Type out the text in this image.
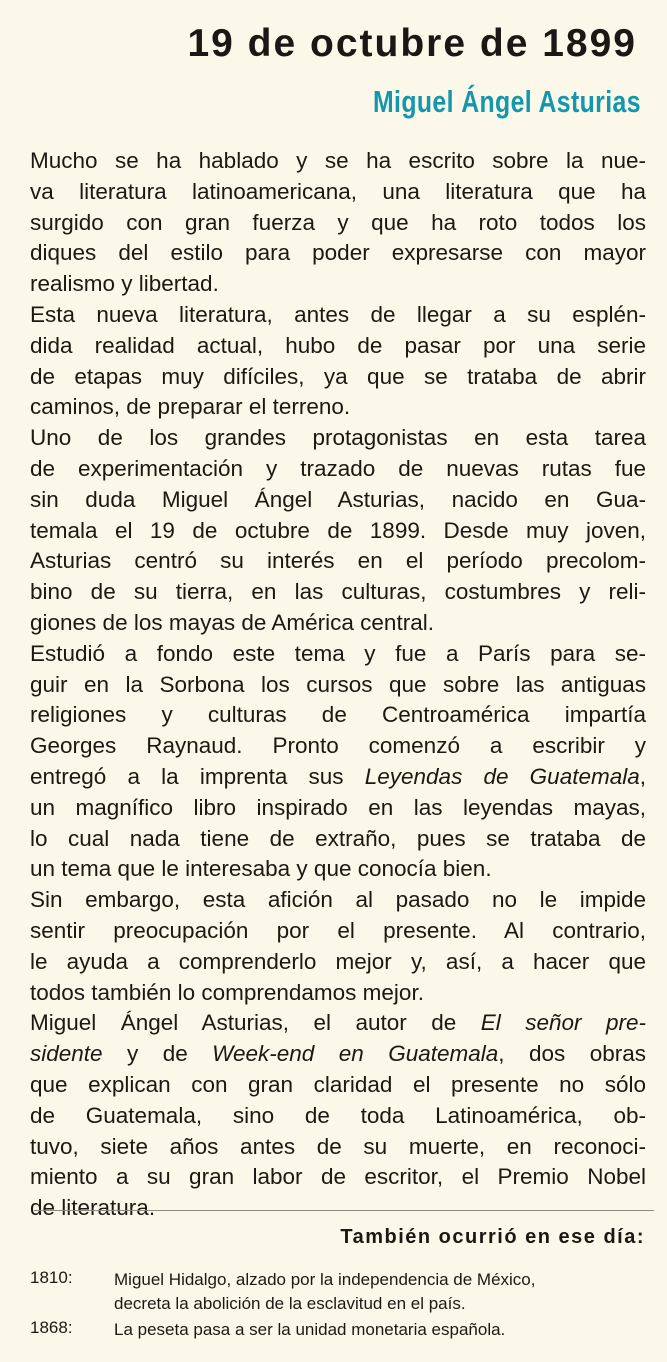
19 de octubre de 1899
Miguel Ángel Asturias
Mucho se ha hablado y se ha escrito sobre la nue-
va literatura latinoamericana, una literatura que ha
surgido con gran fuerza y que ha roto todos los
diques del estilo para poder expresarse con mayor
realismo y libertad.
Esta nueva literatura, antes de llegar a su esplén-
dida realidad actual, hubo de pasar por una serie
de etapas muy difíciles, ya que se trataba de abrir
caminos, de preparar el terreno.
Uno de los grandes protagonistas en esta tarea
de experimentación y trazado de nuevas rutas fue
sin duda Miguel Ángel Asturias, nacido en Gua-
temala el 19 de octubre de 1899. Desde muy joven,
Asturias centró su interés en el período precolom-
bino de su tierra, en las culturas, costumbres y reli-
giones de los mayas de América central.
Estudió a fondo este tema y fue a París para se-
guir en la Sorbona los cursos que sobre las antiguas
religiones y culturas de Centroamérica impartía
Georges Raynaud. Pronto comenzó a escribir y
entregó a la imprenta sus Leyendas de Guatemala,
un magnífico libro inspirado en las leyendas mayas,
lo cual nada tiene de extraño, pues se trataba de
un tema que le interesaba y que conocía bien.
Sin embargo, esta afición al pasado no le impide
sentir preocupación por el presente. Al contrario,
le ayuda a comprenderlo mejor y, así, a hacer que
todos también lo comprendamos mejor.
Miguel Ángel Asturias, el autor de El señor pre-
sidente y de Week-end en Guatemala, dos obras
que explican con gran claridad el presente no sólo
de Guatemala, sino de toda Latinoamérica, ob-
tuvo, siete años antes de su muerte, en reconoci-
miento a su gran labor de escritor, el Premio Nobel
de literatura.
También ocurrió en ese día:
1810: Miguel Hidalgo, alzado por la independencia de México,
decreta la abolición de la esclavitud en el país.
1868: La peseta pasa a ser la unidad monetaria española.
